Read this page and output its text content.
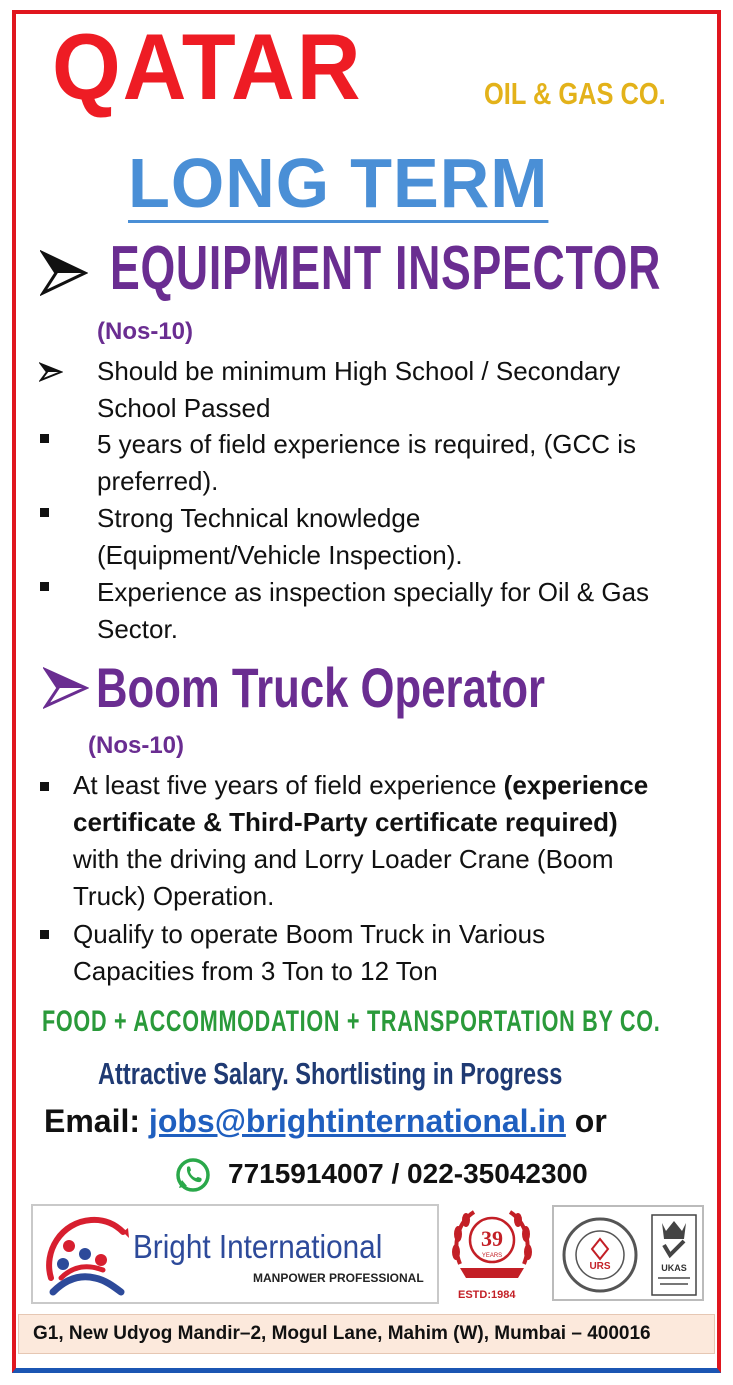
QATAR	OIL & GAS CO.
LONG TERM
EQUIPMENT INSPECTOR
(Nos-10)
Should be minimum High School / Secondary
School Passed
5 years of field experience is required, (GCC is
preferred).
Strong Technical knowledge
(Equipment/Vehicle Inspection).
Experience as inspection specially for Oil & Gas
Sector.
Boom Truck Operator
(Nos-10)
At least five years of field experience (experience
certificate & Third-Party certificate required)
with the driving and Lorry Loader Crane (Boom
Truck) Operation.
Qualify to operate Boom Truck in Various
Capacities from 3 Ton to 12 Ton
FOOD + ACCOMMODATION + TRANSPORTATION BY CO.
Attractive Salary. Shortlisting in Progress
Email: jobs@brightinternational.in or
7715914007 / 022-35042300
Bright International
MANPOWER PROFESSIONAL
39
YEARS
ESTD:1984
URS	UKAS
G1, New Udyog Mandir–2, Mogul Lane, Mahim (W), Mumbai – 400016
